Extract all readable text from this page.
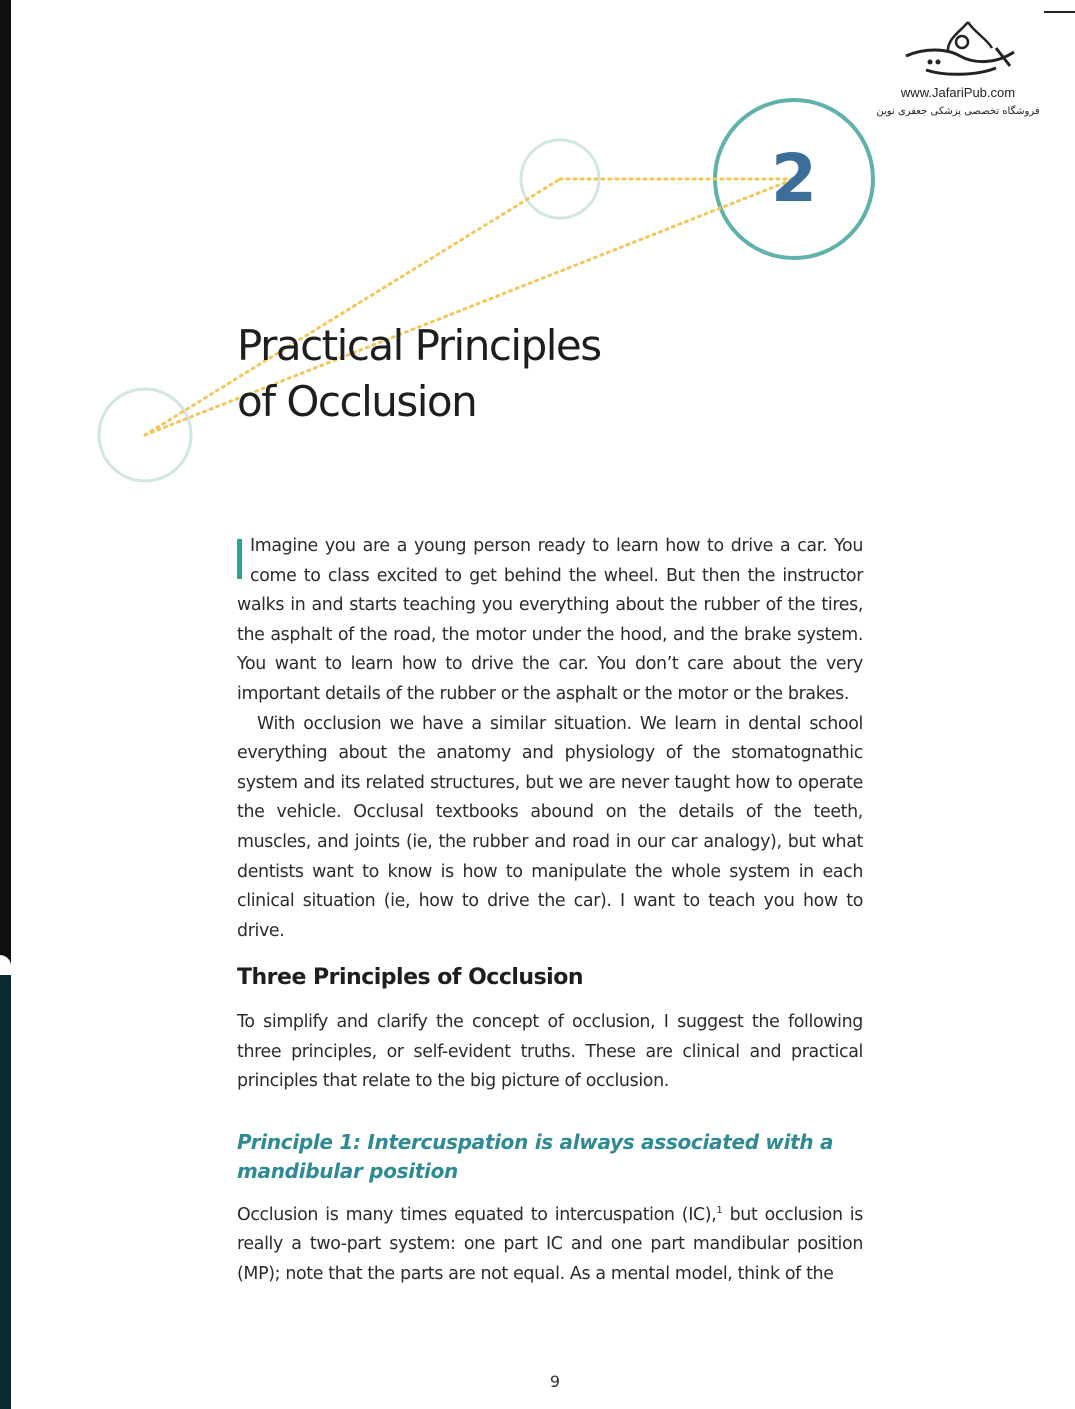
www.JafariPub.com
فروشگاه تخصصی پزشکی جعفری نوین
2
Practical Principles
of Occlusion

Imagine you are a young person ready to learn how to drive a car. You come to class excited to get behind the wheel. But then the instructor walks in and starts teaching you everything about the rubber of the tires, the asphalt of the road, the motor under the hood, and the brake system. You want to learn how to drive the car. You don’t care about the very important details of the rubber or the asphalt or the motor or the brakes.

With occlusion we have a similar situation. We learn in dental school everything about the anatomy and physiology of the stomatognathic system and its related structures, but we are never taught how to operate the vehicle. Occlusal textbooks abound on the details of the teeth, muscles, and joints (ie, the rubber and road in our car analogy), but what dentists want to know is how to manipulate the whole system in each clinical situation (ie, how to drive the car). I want to teach you how to drive.

Three Principles of Occlusion

To simplify and clarify the concept of occlusion, I suggest the following three principles, or self-evident truths. These are clinical and practical principles that relate to the big picture of occlusion.

Principle 1: Intercuspation is always associated with a mandibular position

Occlusion is many times equated to intercuspation (IC),$^1$ but occlusion is really a two-part system: one part IC and one part mandibular position (MP); note that the parts are not equal. As a mental model, think of the

9
